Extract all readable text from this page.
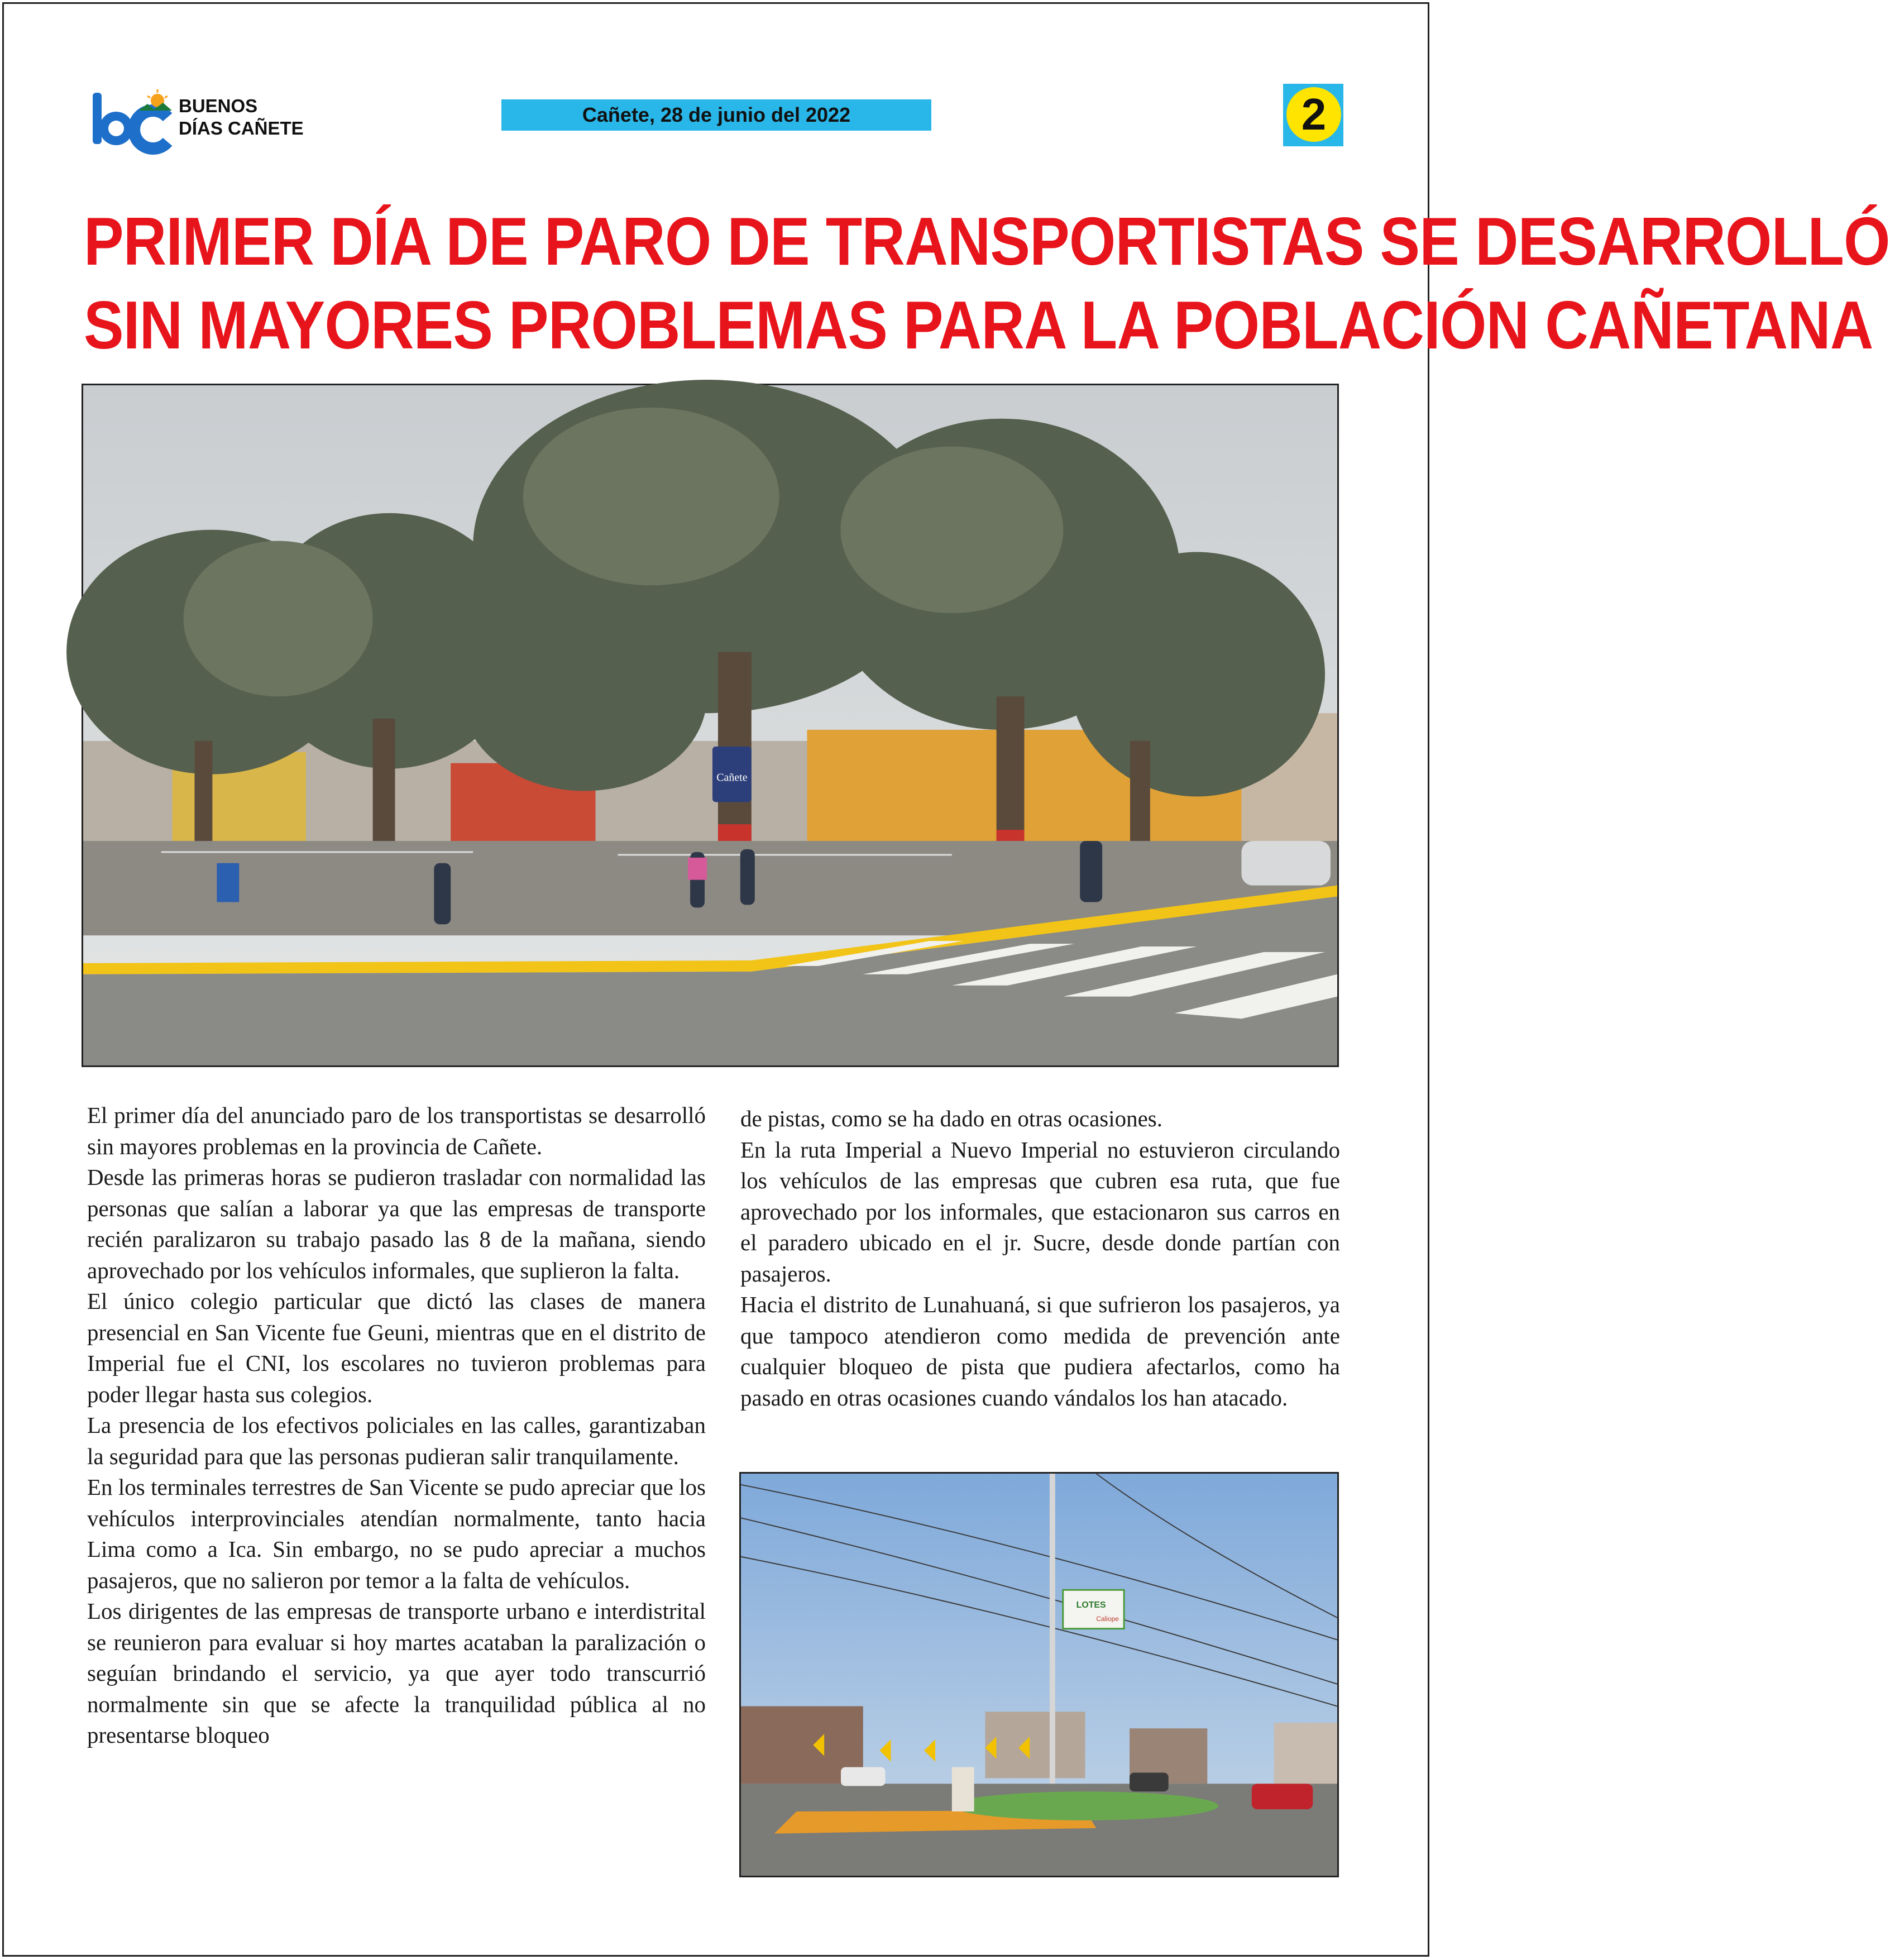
BUENOS
DÍAS CAÑETE
Cañete, 28 de junio del 2022	2
PRIMER DÍA DE PARO DE TRANSPORTISTAS SE DESARROLLÓ
SIN MAYORES PROBLEMAS PARA LA POBLACIÓN CAÑETANA
Cañete

El primer día del anunciado paro de los transportistas se desarrolló sin mayores problemas en la provincia de Cañete.

Desde las primeras horas se pudieron trasladar con normalidad las personas que salían a laborar ya que las empresas de transporte recién paralizaron su trabajo pasado las 8 de la mañana, siendo aprovechado por los vehículos informales, que suplieron la falta.

El único colegio particular que dictó las clases de manera presencial en San Vicente fue Geuni, mientras que en el distrito de Imperial fue el CNI, los escolares no tuvieron problemas para poder llegar hasta sus colegios.

La presencia de los efectivos policiales en las calles, garantizaban la seguridad para que las personas pudieran salir tranquilamente.

En los terminales terrestres de San Vicente se pudo apreciar que los vehículos interprovinciales atendían normalmente, tanto hacia Lima como a Ica. Sin embargo, no se pudo apreciar a muchos pasajeros, que no salieron por temor a la falta de vehículos.

Los dirigentes de las empresas de transporte urbano e interdistrital se reunieron para evaluar si hoy martes acataban la paralización o seguían brindando el servicio, ya que ayer todo transcurrió normalmente sin que se afecte la tranquilidad pública al no presentarse bloqueo

de pistas, como se ha dado en otras ocasiones.

En la ruta Imperial a Nuevo Imperial no estuvieron circulando los vehículos de las empresas que cubren esa ruta, que fue aprovechado por los informales, que estacionaron sus carros en el paradero ubicado en el jr. Sucre, desde donde partían con pasajeros.

Hacia el distrito de Lunahuaná, si que sufrieron los pasajeros, ya que tampoco atendieron como medida de prevención ante cualquier bloqueo de pista que pudiera afectarlos, como ha pasado en otras ocasiones cuando vándalos los han atacado.

LOTES
Caliope
